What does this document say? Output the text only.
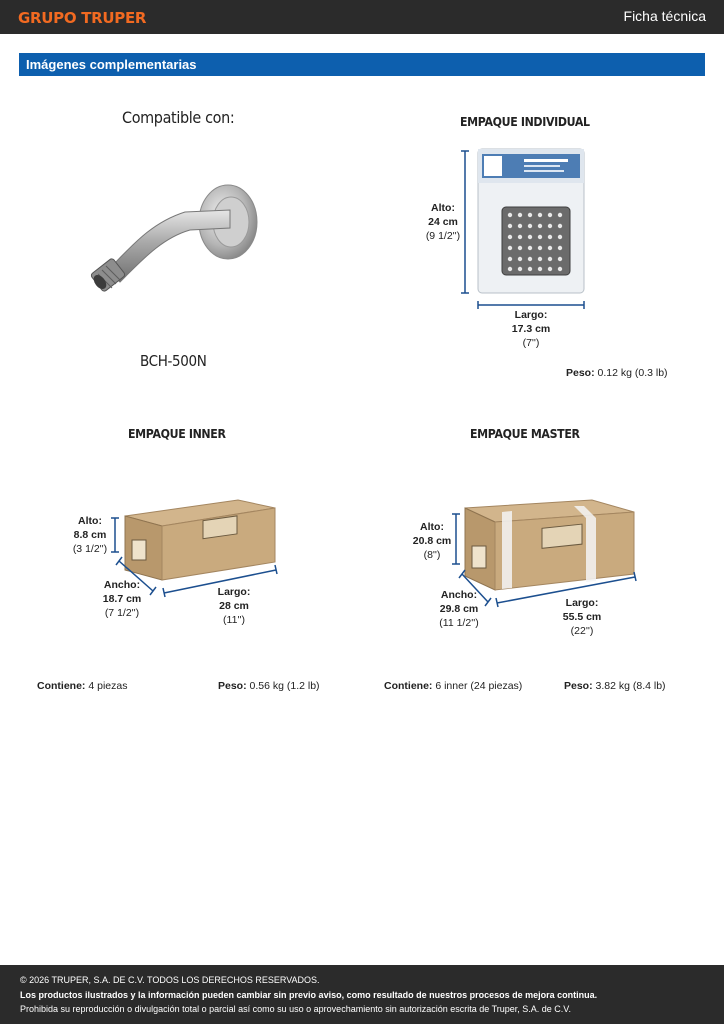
GRUPO TRUPER	Ficha técnica
Imágenes complementarias
Compatible con:
BCH-500N
EMPAQUE INDIVIDUAL
Alto:
24 cm
(9 1/2'')
Largo:
17.3 cm
(7'')
Peso: 0.12 kg (0.3 lb)
EMPAQUE INNER
Alto:
8.8 cm
(3 1/2'')
Ancho:
18.7 cm
(7 1/2'')
Largo:
28 cm
(11'')
Contiene: 4 piezas	Peso: 0.56 kg (1.2 lb)
EMPAQUE MASTER
Alto:
20.8 cm
(8'')
Ancho:
29.8 cm
(11 1/2'')
Largo:
55.5 cm
(22'')
Contiene: 6 inner (24 piezas)	Peso: 3.82 kg (8.4 lb)
© 2026 TRUPER, S.A. DE C.V. TODOS LOS DERECHOS RESERVADOS.
Los productos ilustrados y la información pueden cambiar sin previo aviso, como resultado de nuestros procesos de mejora continua.
Prohibida su reproducción o divulgación total o parcial así como su uso o aprovechamiento sin autorización escrita de Truper, S.A. de C.V.
